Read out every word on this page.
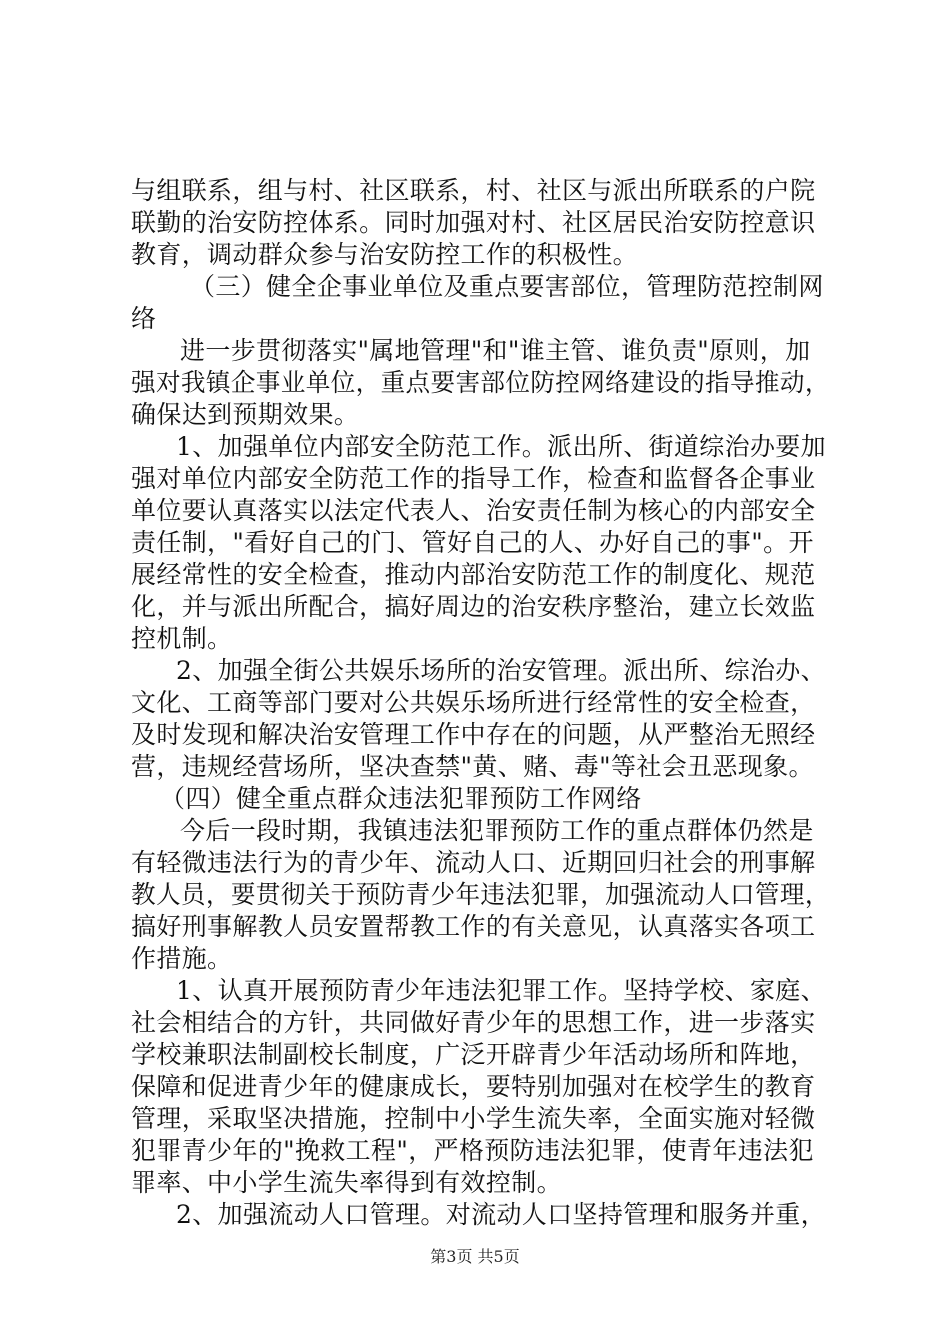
与组联系，组与村、社区联系，村、社区与派出所联系的户院
联勤的治安防控体系。同时加强对村、社区居民治安防控意识
教育，调动群众参与治安防控工作的积极性。
（三）健全企事业单位及重点要害部位，管理防范控制网
络
进一步贯彻落实"属地管理"和"谁主管、谁负责"原则，加
强对我镇企事业单位，重点要害部位防控网络建设的指导推动，
确保达到预期效果。
1、加强单位内部安全防范工作。派出所、街道综治办要加
强对单位内部安全防范工作的指导工作，检查和监督各企事业
单位要认真落实以法定代表人、治安责任制为核心的内部安全
责任制，"看好自己的门、管好自己的人、办好自己的事"。开
展经常性的安全检查，推动内部治安防范工作的制度化、规范
化，并与派出所配合，搞好周边的治安秩序整治，建立长效监
控机制。
2、加强全街公共娱乐场所的治安管理。派出所、综治办、
文化、工商等部门要对公共娱乐场所进行经常性的安全检查，
及时发现和解决治安管理工作中存在的问题，从严整治无照经
营，违规经营场所，坚决查禁"黄、赌、毒"等社会丑恶现象。
（四）健全重点群众违法犯罪预防工作网络
今后一段时期，我镇违法犯罪预防工作的重点群体仍然是
有轻微违法行为的青少年、流动人口、近期回归社会的刑事解
教人员，要贯彻关于预防青少年违法犯罪，加强流动人口管理，
搞好刑事解教人员安置帮教工作的有关意见，认真落实各项工
作措施。
1、认真开展预防青少年违法犯罪工作。坚持学校、家庭、
社会相结合的方针，共同做好青少年的思想工作，进一步落实
学校兼职法制副校长制度，广泛开辟青少年活动场所和阵地，
保障和促进青少年的健康成长，要特别加强对在校学生的教育
管理，采取坚决措施，控制中小学生流失率，全面实施对轻微
犯罪青少年的"挽救工程"，严格预防违法犯罪，使青年违法犯
罪率、中小学生流失率得到有效控制。
2、加强流动人口管理。对流动人口坚持管理和服务并重，
第3页 共5页
